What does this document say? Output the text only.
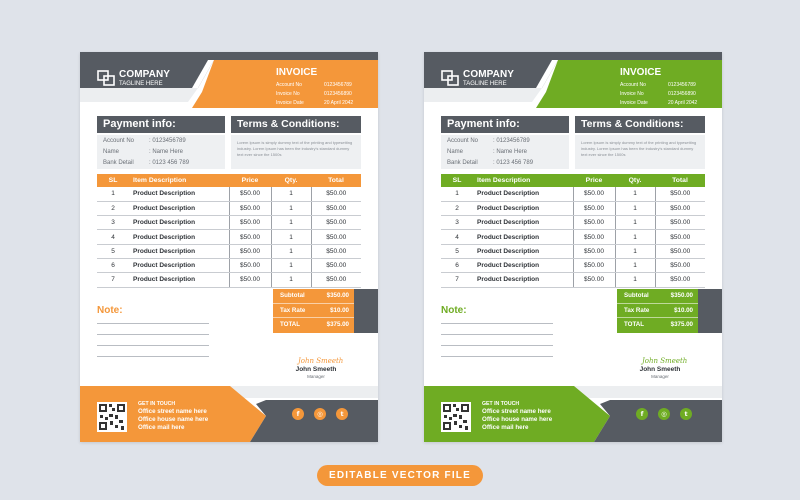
COMPANY
TAGLINE HERE
INVOICE
Account No	0123456789
Invoice No	0123456890
Invoice Date	20 April 2042
Payment info:	Terms & Conditions:
Account No	: 0123456789
Name	: Name Here
Bank Detail	: 0123 456 789
Lorem Ipsum is simply dummy text of the printing and typesetting industry. Lorem Ipsum has been the industry's standard dummy text ever since the 1500s
SL	Item Description	Price	Qty.	Total
1	Product Description	$50.00	1	$50.00
2	Product Description	$50.00	1	$50.00
3	Product Description	$50.00	1	$50.00
4	Product Description	$50.00	1	$50.00
5	Product Description	$50.00	1	$50.00
6	Product Description	$50.00	1	$50.00
7	Product Description	$50.00	1	$50.00
Subtotal	$350.00
Tax Rate	$10.00
TOTAL	$375.00
Note:
John Smeeth
John Smeeth
Manager
GET IN TOUCH
Office street name here
Office house name here
Office mail here
f	◎	t
COMPANY
TAGLINE HERE
INVOICE
Account No	0123456789
Invoice No	0123456890
Invoice Date	20 April 2042
Payment info:	Terms & Conditions:
Account No	: 0123456789
Name	: Name Here
Bank Detail	: 0123 456 789
Lorem Ipsum is simply dummy text of the printing and typesetting industry. Lorem Ipsum has been the industry's standard dummy text ever since the 1500s
SL	Item Description	Price	Qty.	Total
1	Product Description	$50.00	1	$50.00
2	Product Description	$50.00	1	$50.00
3	Product Description	$50.00	1	$50.00
4	Product Description	$50.00	1	$50.00
5	Product Description	$50.00	1	$50.00
6	Product Description	$50.00	1	$50.00
7	Product Description	$50.00	1	$50.00
Subtotal	$350.00
Tax Rate	$10.00
TOTAL	$375.00
Note:
John Smeeth
John Smeeth
Manager
GET IN TOUCH
Office street name here
Office house name here
Office mail here
f	◎	t
EDITABLE VECTOR FILE
